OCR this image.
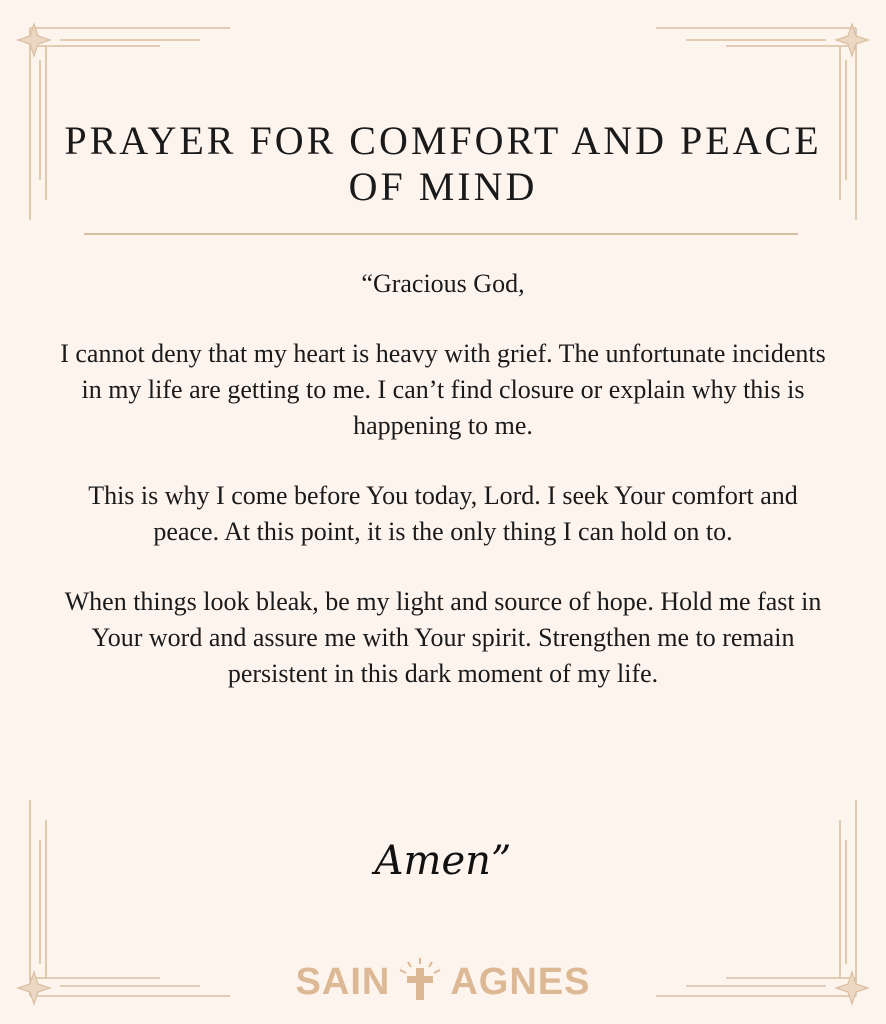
PRAYER FOR COMFORT AND PEACE OF MIND

“Gracious God,

I cannot deny that my heart is heavy with grief. The unfortunate incidents in my life are getting to me. I can’t find closure or explain why this is happening to me.

This is why I come before You today, Lord. I seek Your comfort and peace. At this point, it is the only thing I can hold on to.

When things look bleak, be my light and source of hope. Hold me fast in Your word and assure me with Your spirit. Strengthen me to remain persistent in this dark moment of my life.

Amen”
SAIN AGNES
